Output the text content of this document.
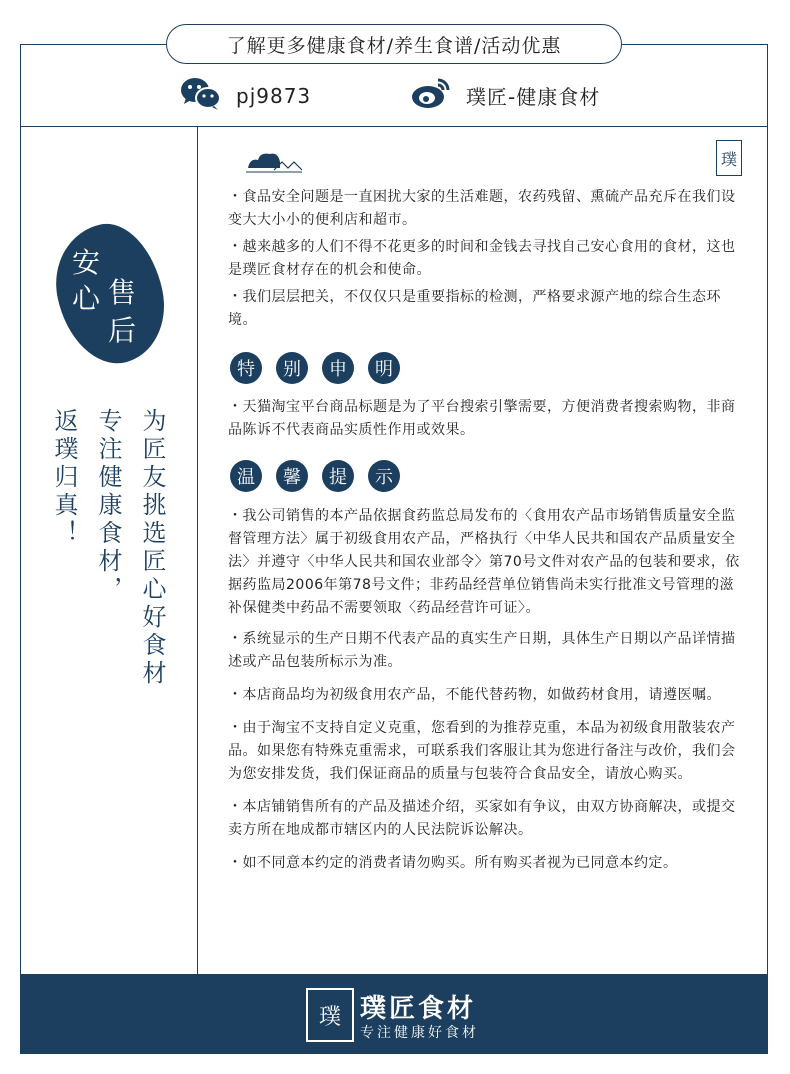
了解更多健康食材/养生食谱/活动优惠
pj9873	璞匠-健康食材
安
心 售
后
为匠友挑选匠心好食材
专注健康食材，
返璞归真！
璞

・食品安全问题是一直困扰大家的生活难题，农药残留、熏硫产品充斥在我们设变大大小小的便利店和超市。

・越来越多的人们不得不花更多的时间和金钱去寻找自己安心食用的食材，这也是璞匠食材存在的机会和使命。

・我们层层把关，不仅仅只是重要指标的检测，严格要求源产地的综合生态环境。

特	别	申	明

・天猫淘宝平台商品标题是为了平台搜索引擎需要，方便消费者搜索购物，非商品陈诉不代表商品实质性作用或效果。

温	馨	提	示

・我公司销售的本产品依据食药监总局发布的〈食用农产品市场销售质量安全监督管理方法〉属于初级食用农产品，严格执行〈中华人民共和国农产品质量安全法〉并遵守〈中华人民共和国农业部令〉第70号文件对农产品的包装和要求，依据药监局2006年第78号文件；非药品经营单位销售尚未实行批准文号管理的滋补保健类中药品不需要领取〈药品经营许可证〉。

・系统显示的生产日期不代表产品的真实生产日期，具体生产日期以产品详情描述或产品包装所标示为准。

・本店商品均为初级食用农产品，不能代替药物，如做药材食用，请遵医嘱。

・由于淘宝不支持自定义克重，您看到的为推荐克重，本品为初级食用散装农产品。如果您有特殊克重需求，可联系我们客服让其为您进行备注与改价，我们会为您安排发货，我们保证商品的质量与包装符合食品安全，请放心购买。

・本店铺销售所有的产品及描述介绍，买家如有争议，由双方协商解决，或提交卖方所在地成都市辖区内的人民法院诉讼解决。

・如不同意本约定的消费者请勿购买。所有购买者视为已同意本约定。

璞 璞匠食材
专注健康好食材
